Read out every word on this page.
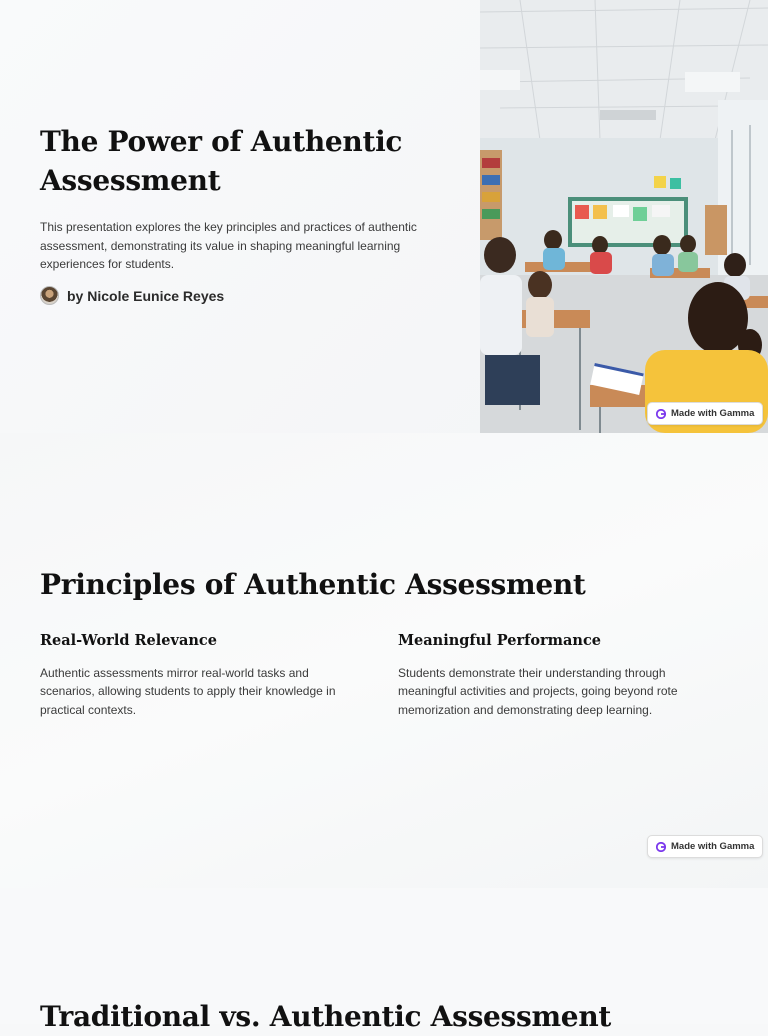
The Power of Authentic Assessment

This presentation explores the key principles and practices of authentic assessment, demonstrating its value in shaping meaningful learning experiences for students.

by Nicole Eunice Reyes
Made with Gamma
Principles of Authentic Assessment
Real-World Relevance

Authentic assessments mirror real-world tasks and scenarios, allowing students to apply their knowledge in practical contexts.

Meaningful Performance

Students demonstrate their understanding through meaningful activities and projects, going beyond rote memorization and demonstrating deep learning.

Made with Gamma
Traditional vs. Authentic Assessment
